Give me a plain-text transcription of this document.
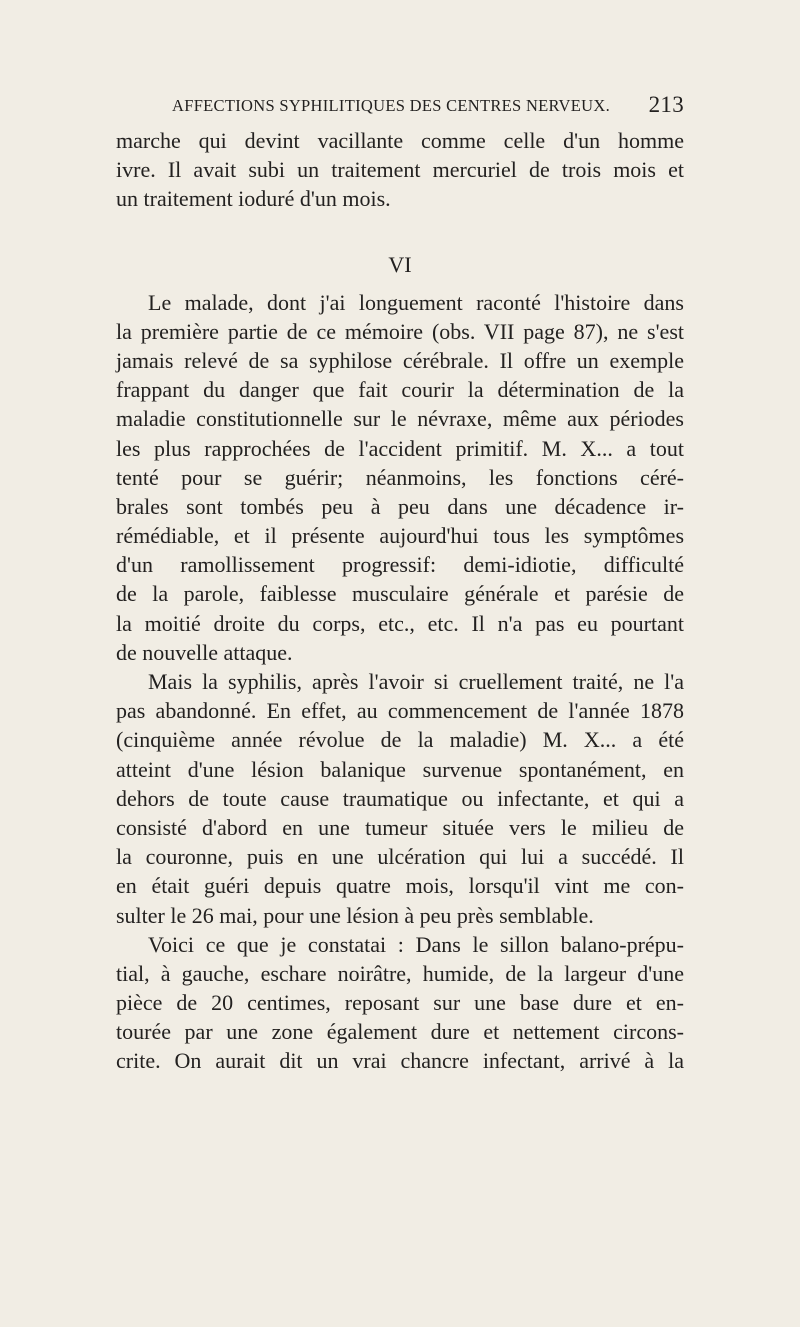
AFFECTIONS SYPHILITIQUES DES CENTRES NERVEUX. 213
marche qui devint vacillante comme celle d'un homme
ivre. Il avait subi un traitement mercuriel de trois mois et
un traitement ioduré d'un mois.
VI
Le malade, dont j'ai longuement raconté l'histoire dans
la première partie de ce mémoire (obs. VII page 87), ne s'est
jamais relevé de sa syphilose cérébrale. Il offre un exemple
frappant du danger que fait courir la détermination de la
maladie constitutionnelle sur le névraxe, même aux périodes
les plus rapprochées de l'accident primitif. M. X... a tout
tenté pour se guérir; néanmoins, les fonctions céré-
brales sont tombés peu à peu dans une décadence ir-
rémédiable, et il présente aujourd'hui tous les symptômes
d'un ramollissement progressif: demi-idiotie, difficulté
de la parole, faiblesse musculaire générale et parésie de
la moitié droite du corps, etc., etc. Il n'a pas eu pourtant
de nouvelle attaque.
Mais la syphilis, après l'avoir si cruellement traité, ne l'a
pas abandonné. En effet, au commencement de l'année 1878
(cinquième année révolue de la maladie) M. X... a été
atteint d'une lésion balanique survenue spontanément, en
dehors de toute cause traumatique ou infectante, et qui a
consisté d'abord en une tumeur située vers le milieu de
la couronne, puis en une ulcération qui lui a succédé. Il
en était guéri depuis quatre mois, lorsqu'il vint me con-
sulter le 26 mai, pour une lésion à peu près semblable.
Voici ce que je constatai : Dans le sillon balano-prépu-
tial, à gauche, eschare noirâtre, humide, de la largeur d'une
pièce de 20 centimes, reposant sur une base dure et en-
tourée par une zone également dure et nettement circons-
crite. On aurait dit un vrai chancre infectant, arrivé à la
